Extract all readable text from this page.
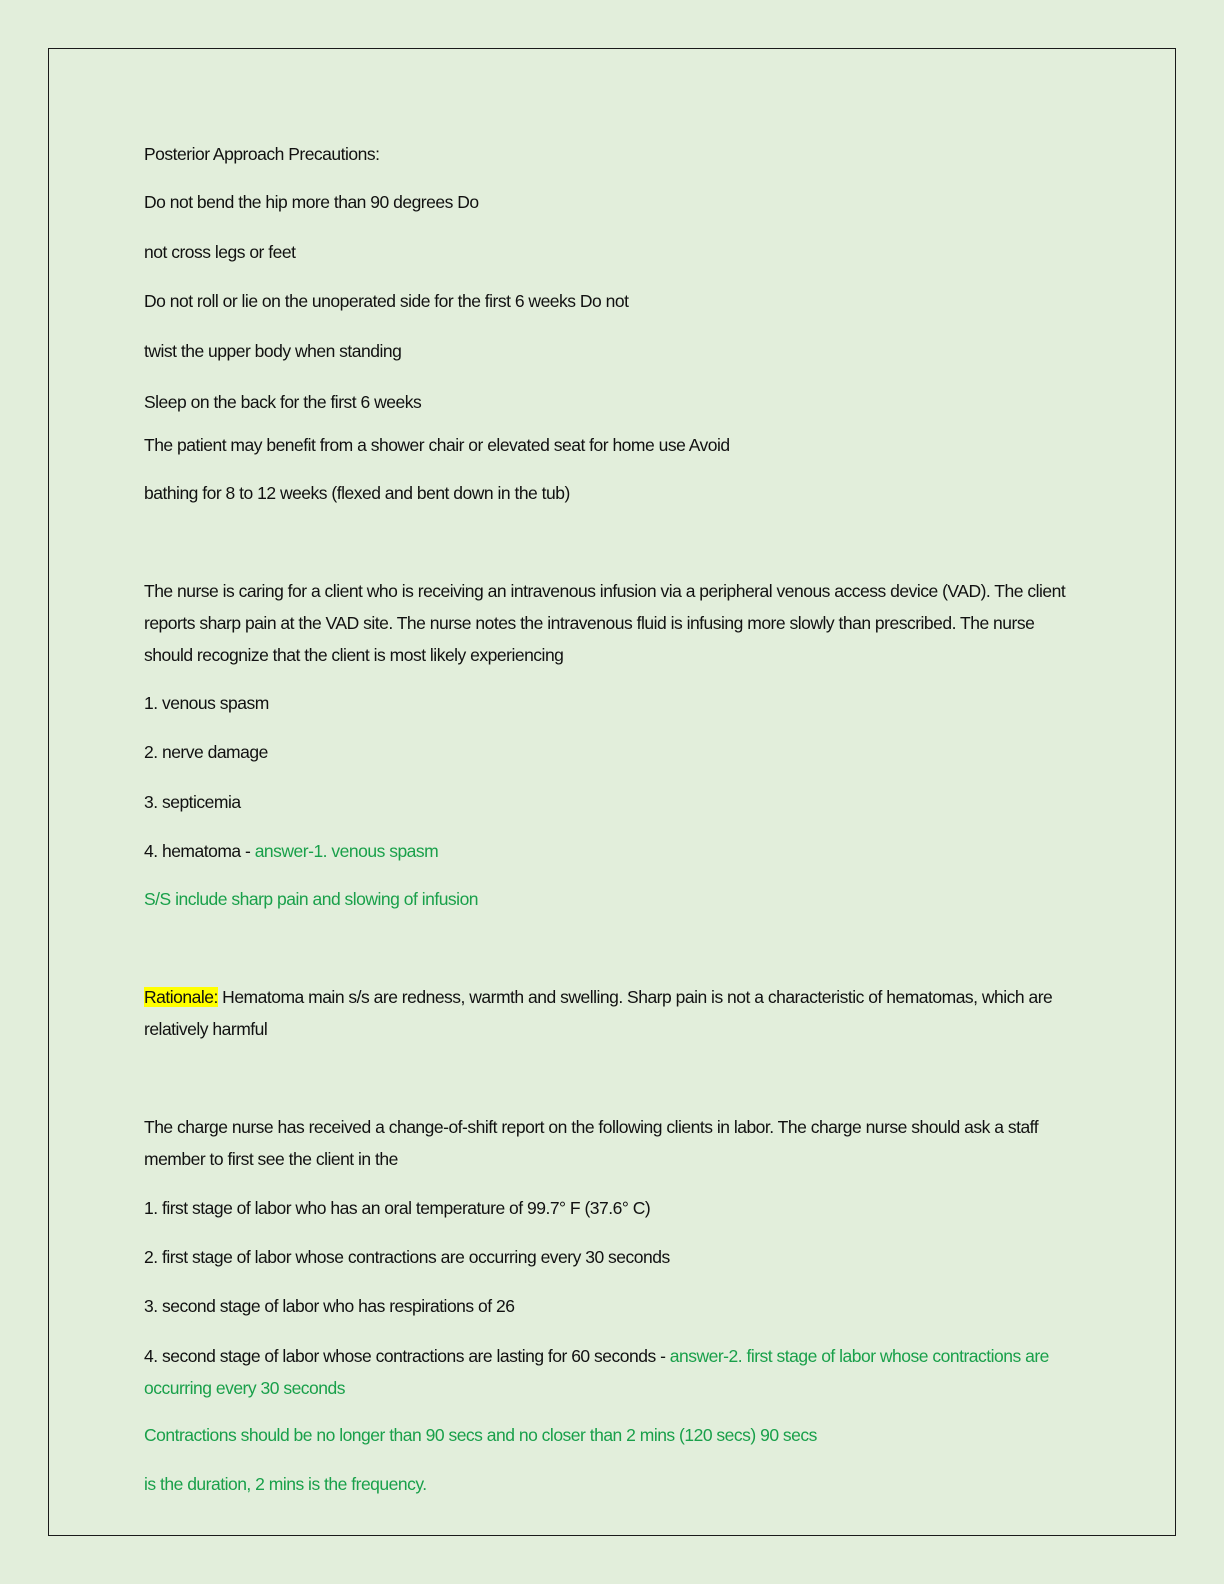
Posterior Approach Precautions:

Do not bend the hip more than 90 degrees Do

not cross legs or feet

Do not roll or lie on the unoperated side for the first 6 weeks Do not

twist the upper body when standing

Sleep on the back for the first 6 weeks

The patient may benefit from a shower chair or elevated seat for home use Avoid

bathing for 8 to 12 weeks (flexed and bent down in the tub)

The nurse is caring for a client who is receiving an intravenous infusion via a peripheral venous access device (VAD). The client reports sharp pain at the VAD site. The nurse notes the intravenous fluid is infusing more slowly than prescribed. The nurse should recognize that the client is most likely experiencing

1. venous spasm

2. nerve damage

3. septicemia

4. hematoma - answer-1. venous spasm

S/S include sharp pain and slowing of infusion

Rationale: Hematoma main s/s are redness, warmth and swelling. Sharp pain is not a characteristic of hematomas, which are relatively harmful

The charge nurse has received a change-of-shift report on the following clients in labor. The charge nurse should ask a staff member to first see the client in the

1. first stage of labor who has an oral temperature of 99.7° F (37.6° C)

2. first stage of labor whose contractions are occurring every 30 seconds

3. second stage of labor who has respirations of 26

4. second stage of labor whose contractions are lasting for 60 seconds - answer-2. first stage of labor whose contractions are occurring every 30 seconds

Contractions should be no longer than 90 secs and no closer than 2 mins (120 secs) 90 secs

is the duration, 2 mins is the frequency.
